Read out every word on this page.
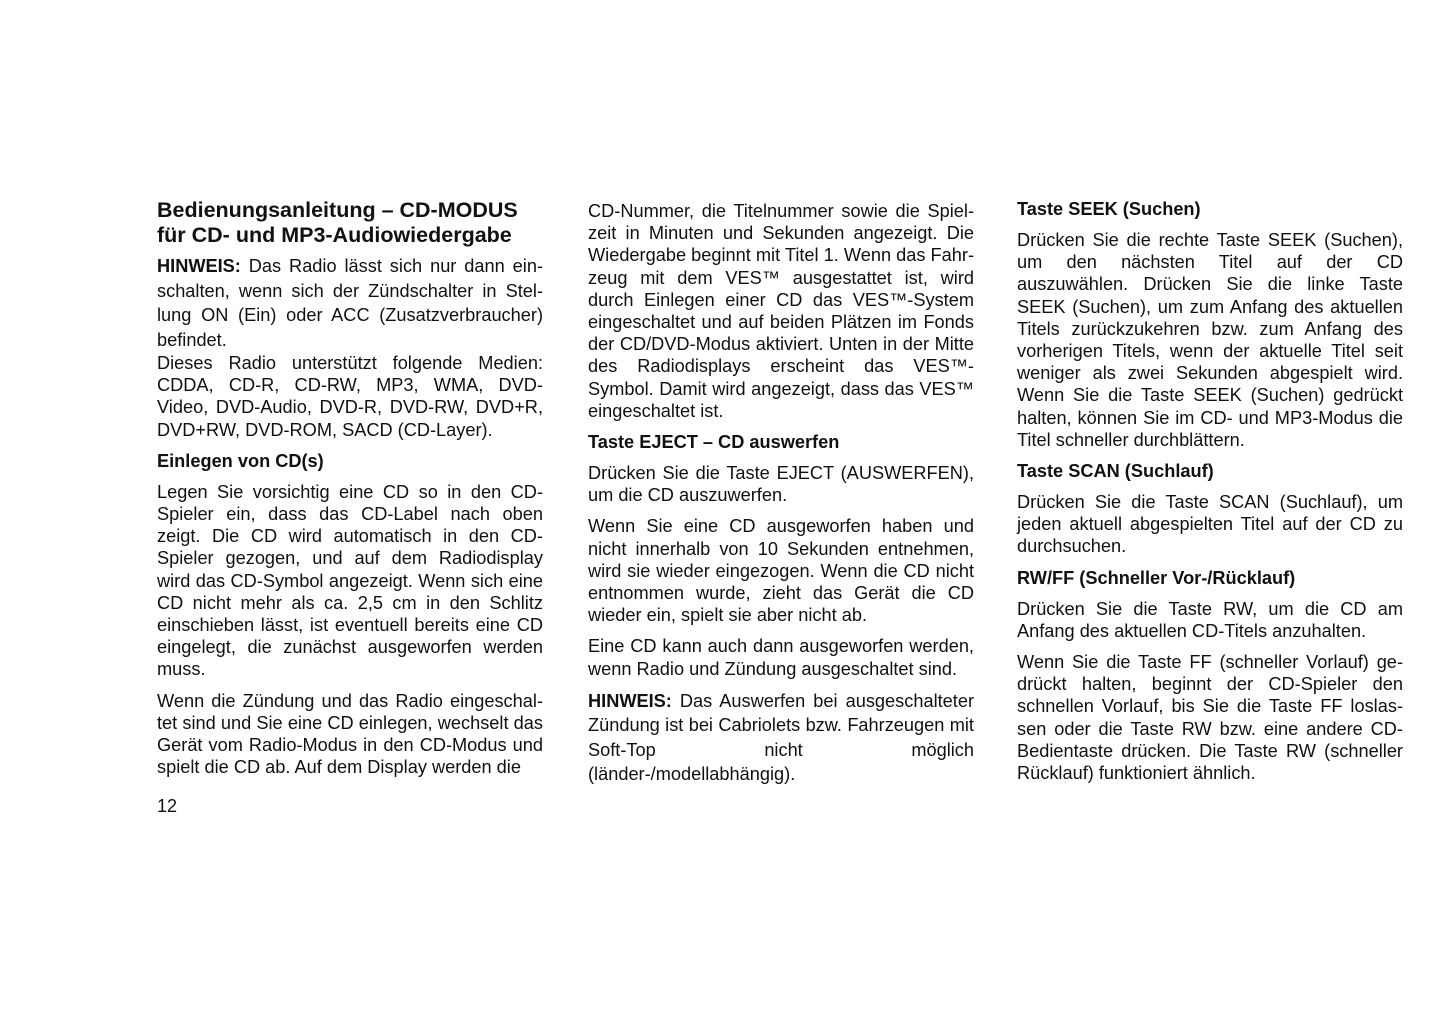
Bedienungsanleitung – CD-MODUS
für CD- und MP3-Audiowiedergabe

HINWEIS: Das Radio lässt sich nur dann einschalten, wenn sich der Zündschalter in Stellung ON (Ein) oder ACC (Zusatzverbraucher) befindet.

Dieses Radio unterstützt folgende Medien: CDDA, CD-R, CD-RW, MP3, WMA, DVD-Video, DVD-Audio, DVD-R, DVD-RW, DVD+R, DVD+RW, DVD-ROM, SACD (CD-Layer).

Einlegen von CD(s)

Legen Sie vorsichtig eine CD so in den CD-Spieler ein, dass das CD-Label nach oben zeigt. Die CD wird automatisch in den CD-Spieler gezogen, und auf dem Radiodisplay wird das CD-Symbol angezeigt. Wenn sich eine CD nicht mehr als ca. 2,5 cm in den Schlitz einschieben lässt, ist eventuell bereits eine CD eingelegt, die zunächst ausgeworfen werden muss.

Wenn die Zündung und das Radio eingeschaltet sind und Sie eine CD einlegen, wechselt das Gerät vom Radio-Modus in den CD-Modus und spielt die CD ab. Auf dem Display werden die

CD-Nummer, die Titelnummer sowie die Spielzeit in Minuten und Sekunden angezeigt. Die Wiedergabe beginnt mit Titel 1. Wenn das Fahrzeug mit dem VES™ ausgestattet ist, wird durch Einlegen einer CD das VES™-System eingeschaltet und auf beiden Plätzen im Fonds der CD/DVD-Modus aktiviert. Unten in der Mitte des Radiodisplays erscheint das VES™-Symbol. Damit wird angezeigt, dass das VES™ eingeschaltet ist.

Taste EJECT – CD auswerfen

Drücken Sie die Taste EJECT (AUSWERFEN), um die CD auszuwerfen.

Wenn Sie eine CD ausgeworfen haben und nicht innerhalb von 10 Sekunden entnehmen, wird sie wieder eingezogen. Wenn die CD nicht entnommen wurde, zieht das Gerät die CD wieder ein, spielt sie aber nicht ab.

Eine CD kann auch dann ausgeworfen werden, wenn Radio und Zündung ausgeschaltet sind.

HINWEIS: Das Auswerfen bei ausgeschalteter Zündung ist bei Cabriolets bzw. Fahrzeugen mit Soft-Top nicht möglich (länder-/modellabhängig).

Taste SEEK (Suchen)

Drücken Sie die rechte Taste SEEK (Suchen), um den nächsten Titel auf der CD auszuwählen. Drücken Sie die linke Taste SEEK (Suchen), um zum Anfang des aktuellen Titels zurückzukehren bzw. zum Anfang des vorherigen Titels, wenn der aktuelle Titel seit weniger als zwei Sekunden abgespielt wird. Wenn Sie die Taste SEEK (Suchen) gedrückt halten, können Sie im CD- und MP3-Modus die Titel schneller durchblättern.

Taste SCAN (Suchlauf)

Drücken Sie die Taste SCAN (Suchlauf), um jeden aktuell abgespielten Titel auf der CD zu durchsuchen.

RW/FF (Schneller Vor-/Rücklauf)

Drücken Sie die Taste RW, um die CD am Anfang des aktuellen CD-Titels anzuhalten.

Wenn Sie die Taste FF (schneller Vorlauf) gedrückt halten, beginnt der CD-Spieler den schnellen Vorlauf, bis Sie die Taste FF loslassen oder die Taste RW bzw. eine andere CD-Bedientaste drücken. Die Taste RW (schneller Rücklauf) funktioniert ähnlich.

12
